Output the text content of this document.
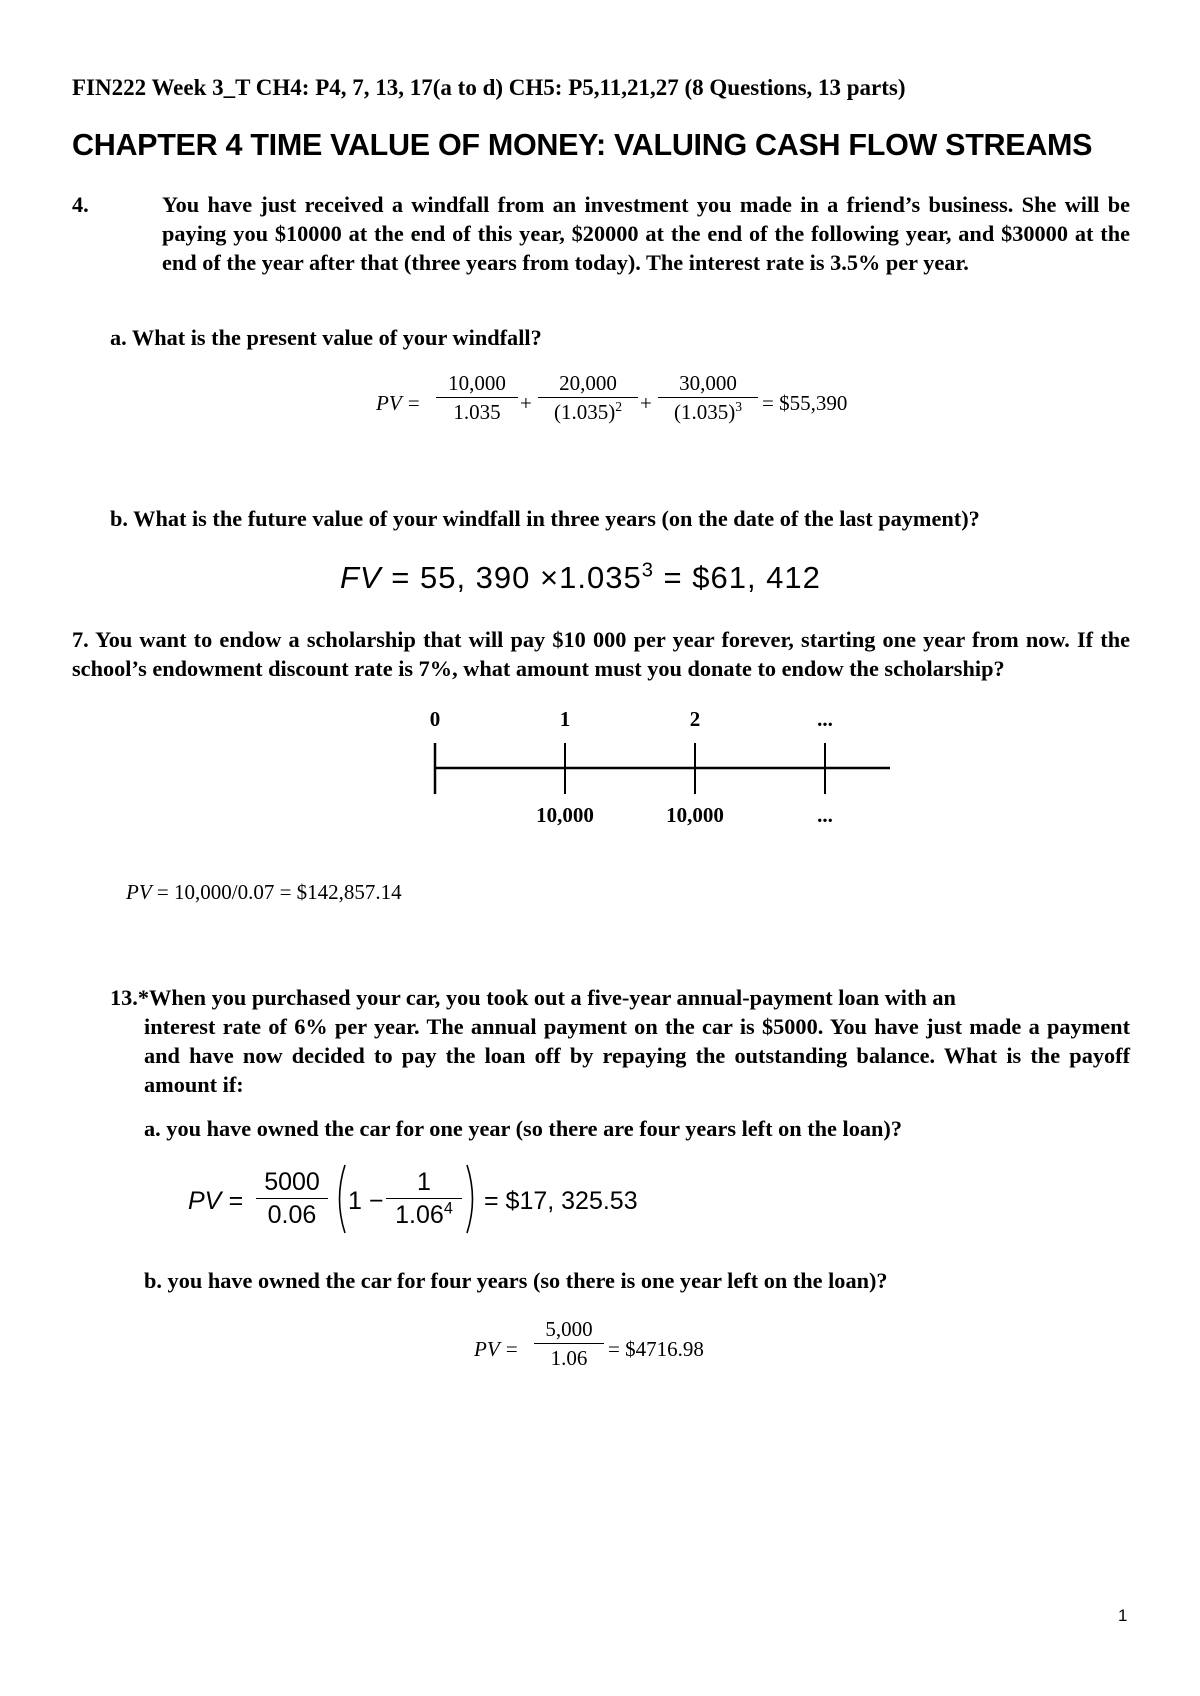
FIN222 Week 3_T CH4: P4, 7, 13, 17(a to d) CH5: P5,11,21,27 (8 Questions, 13 parts)
CHAPTER 4 TIME VALUE OF MONEY: VALUING CASH FLOW STREAMS
4.	You have just received a windfall from an investment you made in a friend’s business. She will be paying you $10000 at the end of this year, $20000 at the end of the following year, and $30000 at the end of the year after that (three years from today). The interest rate is 3.5% per year.
a. What is the present value of your windfall?
PV =
10,000
1.035 +
20,000
$(1.035)^2$ +
30,000
$(1.035)^3$ = $55,390
b. What is the future value of your windfall in three years (on the date of the last payment)?
FV = 55, $390 \times 1.035^3$ = $61, 412
7. You want to endow a scholarship that will pay $10 000 per year forever, starting one year from now. If the school’s endowment discount rate is 7%, what amount must you donate to endow the scholarship?
0	1	2	...
10,000	10,000	...
PV = 10,000/0.07 = $142,857.14
13.*When you purchased your car, you took out a five-year annual-payment loan with an
interest rate of 6% per year. The annual payment on the car is $5000. You have just made a payment and have now decided to pay the loan off by repaying the outstanding balance. What is the payoff amount if:
a. you have owned the car for one year (so there are four years left on the loan)?
PV =
5000
0.06	1 −
1
$1.06^4$	= $17, 325.53
b. you have owned the car for four years (so there is one year left on the loan)?
PV =
5,000
1.06 = $4716.98
1
